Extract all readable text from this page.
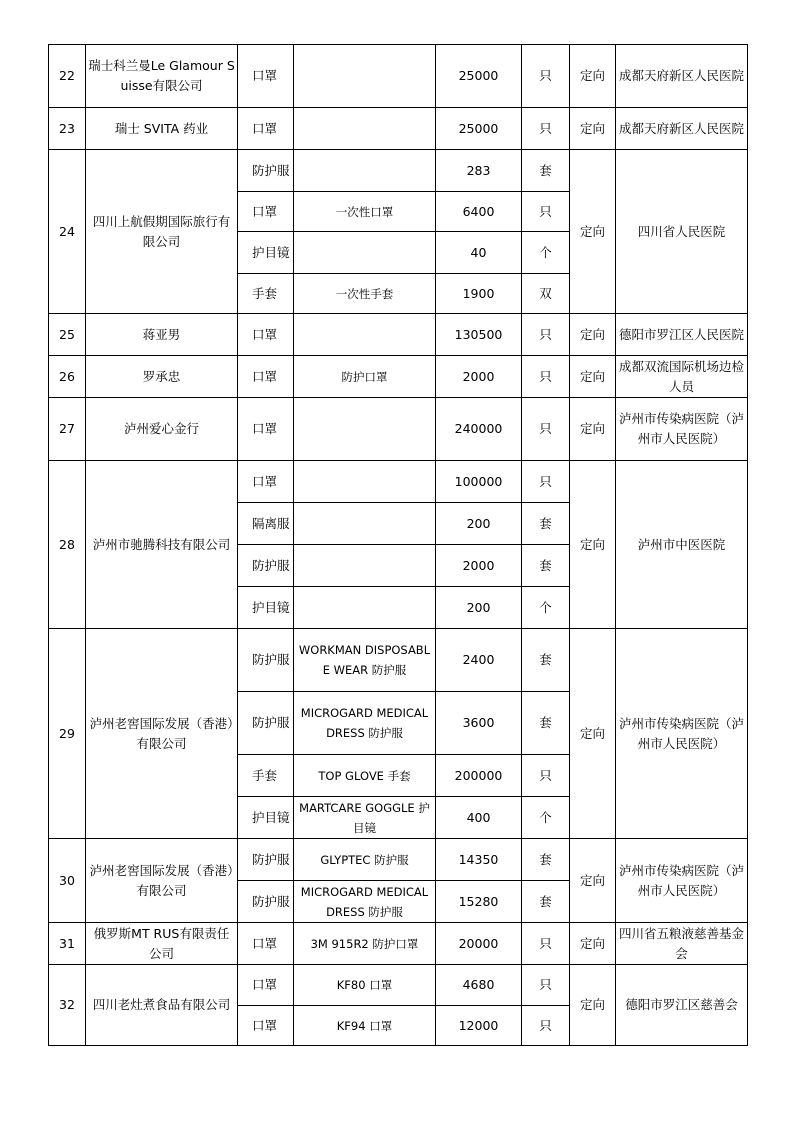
22	瑞士科兰曼Le Glamour Suisse有限公司	口罩		25000	只	定向	成都天府新区人民医院
23	瑞士 SVITA 药业	口罩		25000	只	定向	成都天府新区人民医院
24	四川上航假期国际旅行有限公司	防护服		283	套	定向	四川省人民医院
		口罩	一次性口罩	6400	只		
		护目镜		40	个		
		手套	一次性手套	1900	双		
25	蒋亚男	口罩		130500	只	定向	德阳市罗江区人民医院
26	罗承忠	口罩	防护口罩	2000	只	定向	成都双流国际机场边检人员
27	泸州爱心金行	口罩		240000	只	定向	泸州市传染病医院（泸州市人民医院）
28	泸州市驰腾科技有限公司	口罩		100000	只	定向	泸州市中医医院
		隔离服		200	套		
		防护服		2000	套		
		护目镜		200	个		
29	泸州老窖国际发展（香港）有限公司	防护服	WORKMAN DISPOSABLE WEAR 防护服	2400	套	定向	泸州市传染病医院（泸州市人民医院）
		防护服	MICROGARD MEDICAL DRESS 防护服	3600	套		
		手套	TOP GLOVE 手套	200000	只		
		护目镜	MARTCARE GOGGLE 护目镜	400	个		
30	泸州老窖国际发展（香港）有限公司	防护服	GLYPTEC 防护服	14350	套	定向	泸州市传染病医院（泸州市人民医院）
		防护服	MICROGARD MEDICAL DRESS 防护服	15280	套		
31	俄罗斯MT RUS有限责任公司	口罩	3M 915R2 防护口罩	20000	只	定向	四川省五粮液慈善基金会
32	四川老灶煮食品有限公司	口罩	KF80 口罩	4680	只	定向	德阳市罗江区慈善会
		口罩	KF94 口罩	12000	只		
